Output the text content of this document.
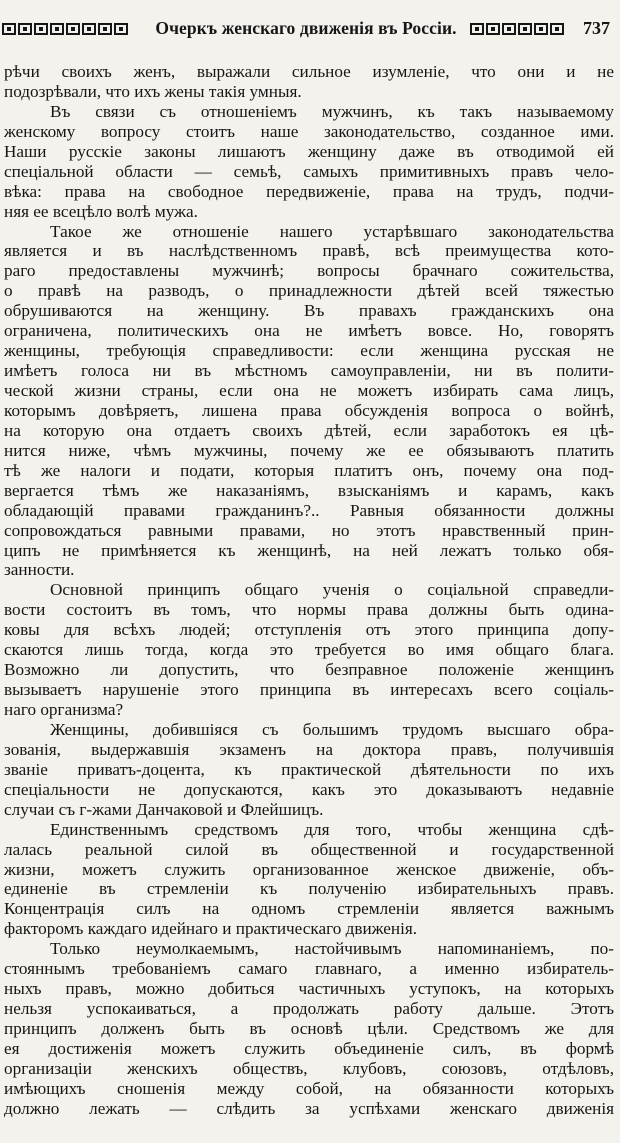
Очеркъ женскаго движенія въ Россіи.	737
рѣчи своихъ женъ, выражали сильное изумленіе, что они и не
подозрѣвали, что ихъ жены такія умныя.
Въ связи съ отношеніемъ мужчинъ, къ такъ называемому
женскому вопросу стоитъ наше законодательство, созданное ими.
Наши русскіе законы лишаютъ женщину даже въ отводимой ей
спеціальной области — семьѣ, самыхъ примитивныхъ правъ чело-
вѣка: права на свободное передвиженіе, права на трудъ, подчи-
няя ее всецѣло волѣ мужа.
Такое же отношеніе нашего устарѣвшаго законодательства
является и въ наслѣдственномъ правѣ, всѣ преимущества кото-
раго предоставлены мужчинѣ; вопросы брачнаго сожительства,
о правѣ на разводъ, о принадлежности дѣтей всей тяжестью
обрушиваются на женщину. Въ правахъ гражданскихъ она
ограничена, политическихъ она не имѣетъ вовсе. Но, говорятъ
женщины, требующія справедливости: если женщина русская не
имѣетъ голоса ни въ мѣстномъ самоуправленіи, ни въ полити-
ческой жизни страны, если она не можетъ избирать сама лицъ,
которымъ довѣряетъ, лишена права обсужденія вопроса о войнѣ,
на которую она отдаетъ своихъ дѣтей, если заработокъ ея цѣ-
нится ниже, чѣмъ мужчины, почему же ее обязываютъ платить
тѣ же налоги и подати, которыя платитъ онъ, почему она под-
вергается тѣмъ же наказаніямъ, взысканіямъ и карамъ, какъ
обладающій правами гражданинъ?.. Равныя обязанности должны
сопровождаться равными правами, но этотъ нравственный прин-
ципъ не примѣняется къ женщинѣ, на ней лежатъ только обя-
занности.
Основной принципъ общаго ученія о соціальной справедли-
вости состоитъ въ томъ, что нормы права должны быть одина-
ковы для всѣхъ людей; отступленія отъ этого принципа допу-
скаются лишь тогда, когда это требуется во имя общаго блага.
Возможно ли допустить, что безправное положеніе женщинъ
вызываетъ нарушеніе этого принципа въ интересахъ всего соціаль-
наго организма?
Женщины, добившіяся съ большимъ трудомъ высшаго обра-
зованія, выдержавшія экзаменъ на доктора правъ, получившія
званіе приватъ-доцента, къ практической дѣятельности по ихъ
спеціальности не допускаются, какъ это доказываютъ недавніе
случаи съ г-жами Данчаковой и Флейшицъ.
Единственнымъ средствомъ для того, чтобы женщина сдѣ-
лалась реальной силой въ общественной и государственной
жизни, можетъ служить организованное женское движеніе, объ-
единеніе въ стремленіи къ полученію избирательныхъ правъ.
Концентрація силъ на одномъ стремленіи является важнымъ
факторомъ каждаго идейнаго и практическаго движенія.
Только неумолкаемымъ, настойчивымъ напоминаніемъ, по-
стояннымъ требованіемъ самаго главнаго, а именно избиратель-
ныхъ правъ, можно добиться частичныхъ уступокъ, на которыхъ
нельзя успокаиваться, а продолжать работу дальше. Этотъ
принципъ долженъ быть въ основѣ цѣли. Средствомъ же для
ея достиженія можетъ служить объединеніе силъ, въ формѣ
организаціи женскихъ обществъ, клубовъ, союзовъ, отдѣловъ,
имѣющихъ сношенія между собой, на обязанности которыхъ
должно лежать — слѣдить за успѣхами женскаго движенія
